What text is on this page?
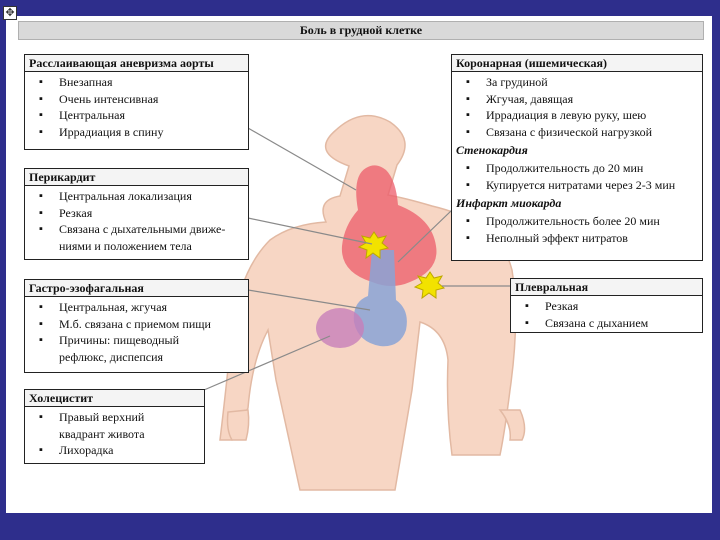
✥
Боль в грудной клетке
Расслаивающая аневризма аорты
▪ Внезапная
▪ Очень интенсивная
▪ Центральная
▪ Иррадиация в спину
Перикардит
▪ Центральная локализация
▪ Резкая
▪ Связана с дыхательными движе-
ниями и положением тела
Гастро-эзофагальная
▪ Центральная, жгучая
▪ М.б. связана с приемом пищи
▪ Причины: пищеводный
рефлюкс, диспепсия
Холецистит
▪ Правый верхний
квадрант живота
▪ Лихорадка
Коронарная (ишемическая)
▪ За грудиной
▪ Жгучая, давящая
▪ Иррадиация в левую руку, шею
▪ Связана с физической нагрузкой
Стенокардия
▪ Продолжительность до 20 мин
▪ Купируется нитратами через 2-3 мин
Инфаркт миокарда
▪ Продолжительность более 20 мин
▪ Неполный эффект нитратов
Плевральная
▪ Резкая
▪ Связана с дыханием
